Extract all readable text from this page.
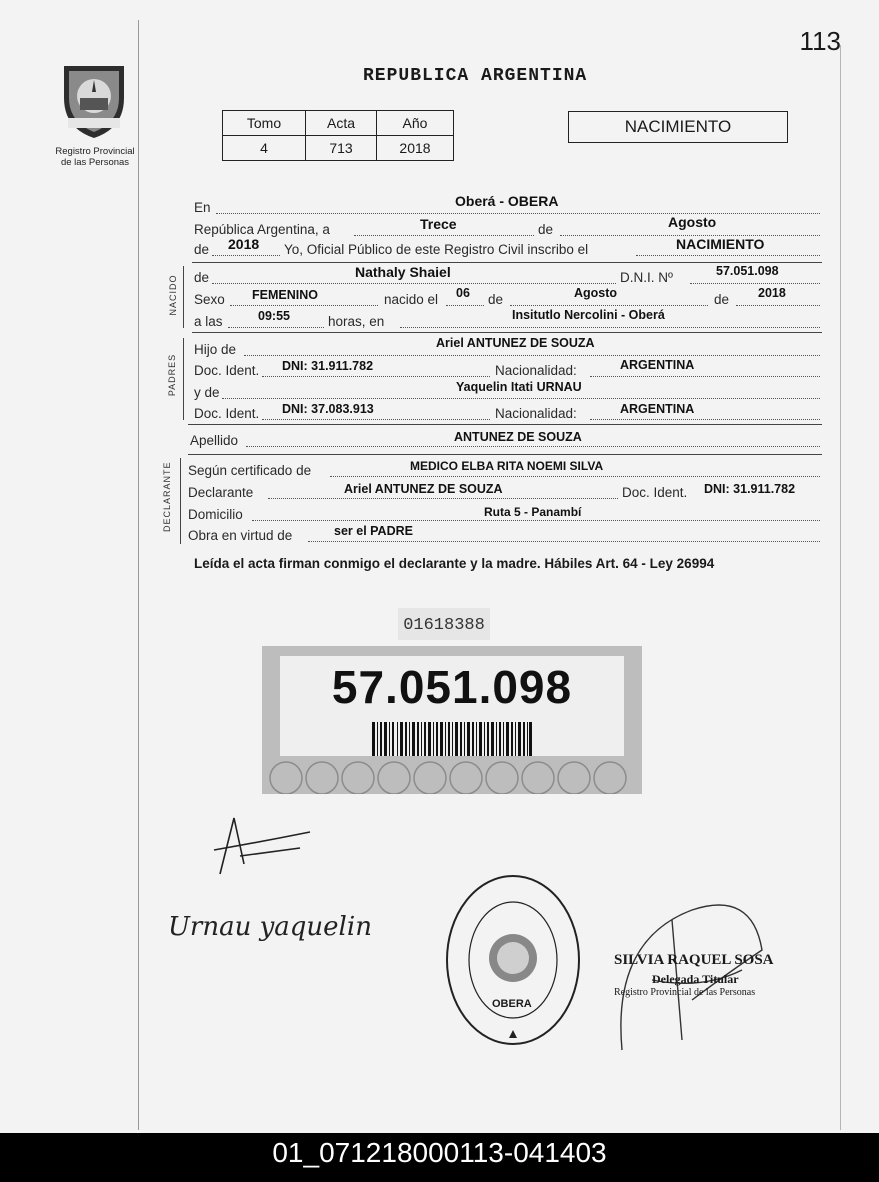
113
Registro Provincial
de las Personas
REPUBLICA ARGENTINA
Tomo	Acta	Año
4	713	2018
NACIMIENTO
En	Oberá - OBERA
República Argentina, a	Trece	de	Agosto
de 2018 Yo, Oficial Público de este Registro Civil inscribo el	NACIMIENTO
NACIDO de	Nathaly Shaiel	D.N.I. Nº	57.051.098
Sexo FEMENINO	nacido el 06 de	Agosto	de 2018
a las	09:55	horas, en	Insitutlo Nercolini - Oberá
PADRES
Hijo de	Ariel ANTUNEZ DE SOUZA
Doc. Ident. DNI: 31.911.782	Nacionalidad:	ARGENTINA
y de	Yaquelin Itati URNAU
Doc. Ident. DNI: 37.083.913	Nacionalidad:	ARGENTINA
Apellido	ANTUNEZ DE SOUZA
DECLARANTE Según certificado de	MEDICO ELBA RITA NOEMI SILVA
Declarante	Ariel ANTUNEZ DE SOUZA	Doc. Ident. DNI: 31.911.782
Domicilio	Ruta 5 - Panambí
Obra en virtud de	ser el PADRE
Leída el acta firman conmigo el declarante y la madre. Hábiles Art. 64 - Ley 26994
01618388
57.051.098
Urnau yaquelin
OBERA
SILVIA RAQUEL SOSA
Delegada Titular
Registro Provincial de las Personas
01_071218000113-041403
